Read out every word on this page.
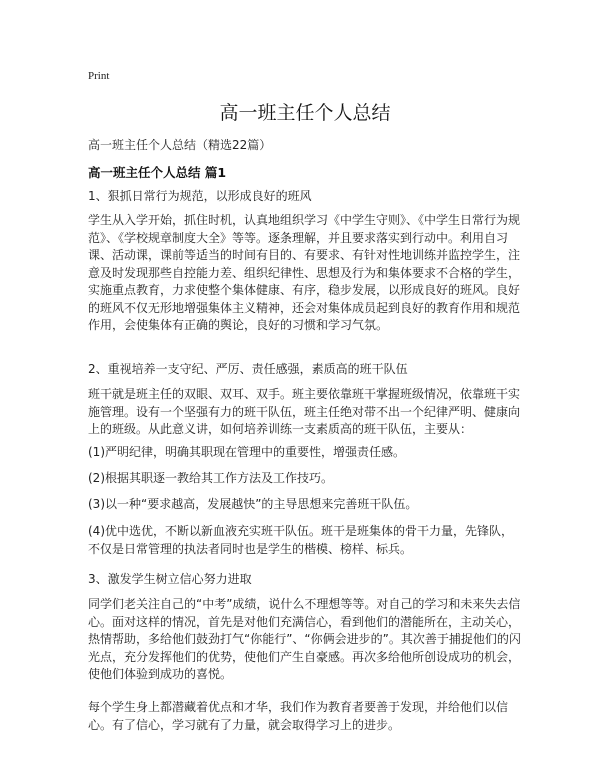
Print
高一班主任个人总结
高一班主任个人总结（精选22篇）
高一班主任个人总结 篇1

1、狠抓日常行为规范，以形成良好的班风

学生从入学开始，抓住时机，认真地组织学习《中学生守则》、《中学生日常行为规范》、《学校规章制度大全》等等。逐条理解，并且要求落实到行动中。利用自习课、活动课，课前等适当的时间有目的、有要求、有针对性地训练并监控学生，注意及时发现那些自控能力差、组织纪律性、思想及行为和集体要求不合格的学生，实施重点教育，力求使整个集体健康、有序，稳步发展，以形成良好的班风。良好的班风不仅无形地增强集体主义精神，还会对集体成员起到良好的教育作用和规范作用，会使集体有正确的舆论，良好的习惯和学习气氛。

2、重视培养一支守纪、严厉、责任感强，素质高的班干队伍

班干就是班主任的双眼、双耳、双手。班主要依靠班干掌握班级情况，依靠班干实施管理。设有一个坚强有力的班干队伍，班主任绝对带不出一个纪律严明、健康向上的班级。从此意义讲，如何培养训练一支素质高的班干队伍，主要从：

(1)严明纪律，明确其职现在管理中的重要性，增强责任感。

(2)根据其职逐一教给其工作方法及工作技巧。

(3)以一种“要求越高，发展越快”的主导思想来完善班干队伍。

(4)优中选优，不断以新血液充实班干队伍。班干是班集体的骨干力量，先锋队，不仅是日常管理的执法者同时也是学生的楷模、榜样、标兵。

3、激发学生树立信心努力进取

同学们老关注自己的“中考”成绩，说什么不理想等等。对自己的学习和未来失去信心。面对这样的情况，首先是对他们充满信心，看到他们的潜能所在，主动关心，热情帮助，多给他们鼓劲打气“你能行”、“你俩会进步的”。其次善于捕捉他们的闪光点，充分发挥他们的优势，使他们产生自豪感。再次多给他所创设成功的机会，使他们体验到成功的喜悦。

每个学生身上都潜藏着优点和才华，我们作为教育者要善于发现，并给他们以信心。有了信心，学习就有了力量，就会取得学习上的进步。
